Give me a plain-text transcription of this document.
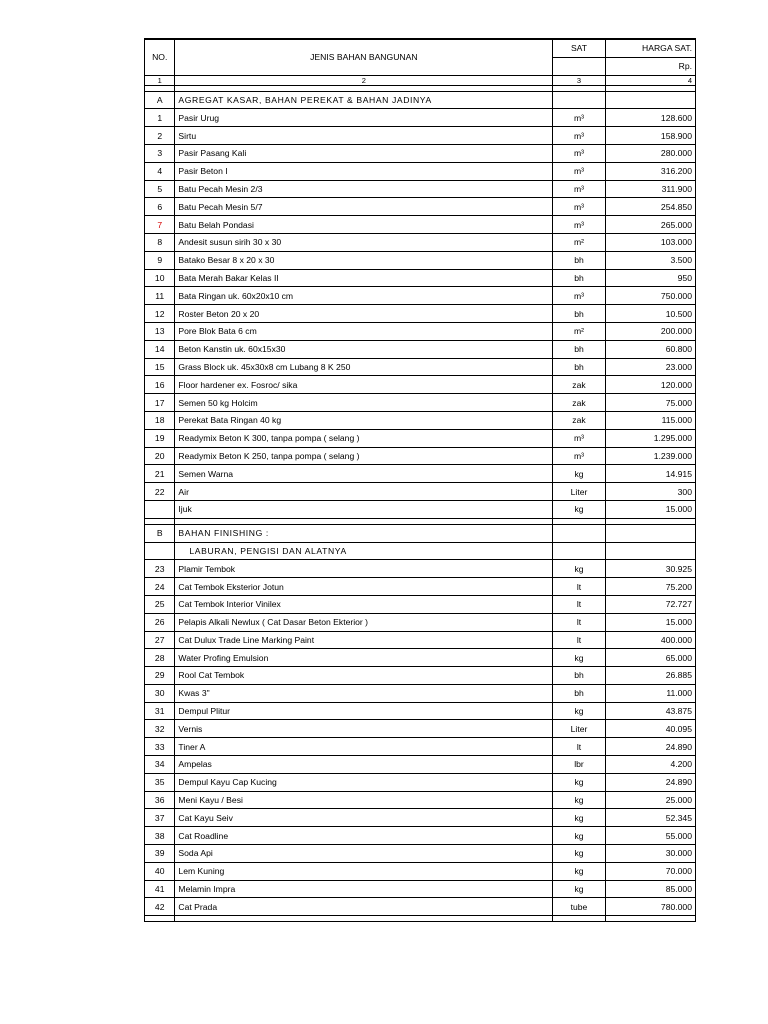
NO.	JENIS BAHAN BANGUNAN	SAT	HARGA SAT.
			Rp.
1	2	3	4

A	AGREGAT KASAR, BAHAN PEREKAT & BAHAN JADINYA		
1	Pasir Urug	m³	128.600
2	Sirtu	m³	158.900
3	Pasir Pasang Kali	m³	280.000
4	Pasir Beton I	m³	316.200
5	Batu Pecah Mesin 2/3	m³	311.900
6	Batu Pecah Mesin 5/7	m³	254.850
7	Batu Belah Pondasi	m³	265.000
8	Andesit susun sirih 30 x 30	m²	103.000
9	Batako Besar 8 x 20 x 30	bh	3.500
10	Bata Merah Bakar Kelas II	bh	950
11	Bata Ringan uk. 60x20x10 cm	m³	750.000
12	Roster Beton 20 x 20	bh	10.500
13	Pore Blok Bata 6 cm	m²	200.000
14	Beton Kanstin uk. 60x15x30	bh	60.800
15	Grass Block uk. 45x30x8 cm Lubang 8 K 250	bh	23.000
16	Floor hardener ex. Fosroc/ sika	zak	120.000
17	Semen 50 kg Holcim	zak	75.000
18	Perekat Bata Ringan 40 kg	zak	115.000
19	Readymix Beton K 300, tanpa pompa ( selang )	m³	1.295.000
20	Readymix Beton K 250, tanpa pompa ( selang )	m³	1.239.000
21	Semen Warna	kg	14.915
22	Air	Liter	300
	Ijuk	kg	15.000

B	BAHAN FINISHING :		
	LABURAN, PENGISI DAN ALATNYA		
23	Plamir Tembok	kg	30.925
24	Cat Tembok Eksterior Jotun	lt	75.200
25	Cat Tembok Interior Vinilex	lt	72.727
26	Pelapis Alkali Newlux ( Cat Dasar Beton Ekterior )	lt	15.000
27	Cat Dulux Trade Line Marking Paint	lt	400.000
28	Water Profing Emulsion	kg	65.000
29	Rool Cat Tembok	bh	26.885
30	Kwas 3"	bh	11.000
31	Dempul Plitur	kg	43.875
32	Vernis	Liter	40.095
33	Tiner A	lt	24.890
34	Ampelas	lbr	4.200
35	Dempul Kayu Cap Kucing	kg	24.890
36	Meni Kayu / Besi	kg	25.000
37	Cat Kayu Seiv	kg	52.345
38	Cat Roadline	kg	55.000
39	Soda Api	kg	30.000
40	Lem Kuning	kg	70.000
41	Melamin Impra	kg	85.000
42	Cat Prada	tube	780.000
